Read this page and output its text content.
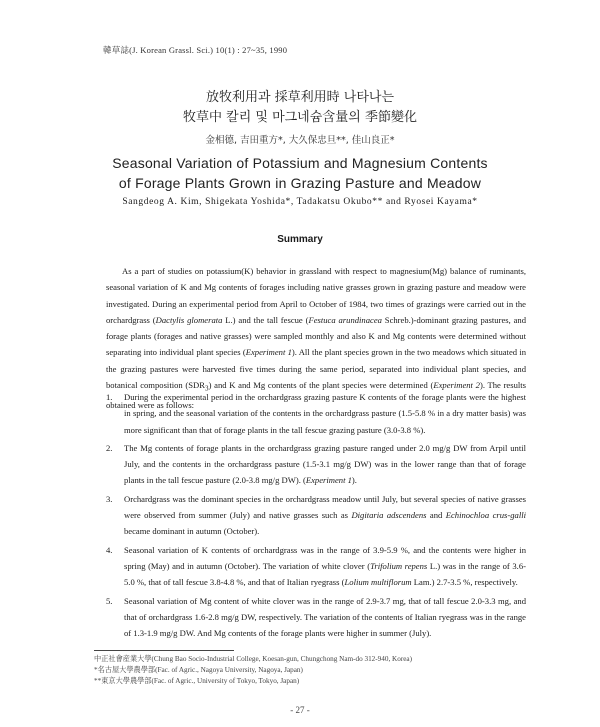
韓草誌(J. Korean Grassl. Sci.) 10(1) : 27~35, 1990
放牧利用과 採草利用時 나타나는
牧草中 칼리 및 마그네슘含量의 季節變化
金相德, 吉田重方*, 大久保忠旦**, 佳山良正*
Seasonal Variation of Potassium and Magnesium Contents
of Forage Plants Grown in Grazing Pasture and Meadow
Sangdeog A. Kim, Shigekata Yoshida*, Tadakatsu Okubo** and Ryosei Kayama*
Summary
As a part of studies on potassium(K) behavior in grassland with respect to magnesium(Mg) balance of ruminants, seasonal variation of K and Mg contents of forages including native grasses grown in grazing pasture and meadow were investigated. During an experimental period from April to October of 1984, two times of grazings were carried out in the orchardgrass (Dactylis glomerata L.) and the tall fescue (Festuca arundinacea Schreb.)-dominant grazing pastures, and forage plants (forages and native grasses) were sampled monthly and also K and Mg contents were determined without separating into individual plant species (Experiment 1). All the plant species grown in the two meadows which situated in the grazing pastures were harvested five times during the same period, separated into individual plant species, and botanical composition $(SDR_3)$ and K and Mg contents of the plant species were determined (Experiment 2). The results obtained were as follows:
1. During the experimental period in the orchardgrass grazing pasture K contents of the forage plants were the highest in spring, and the seasonal variation of the contents in the orchardgrass pasture (1.5-5.8 % in a dry matter basis) was more significant than that of forage plants in the tall fescue grazing pasture (3.0-3.8 %).
2. The Mg contents of forage plants in the orchardgrass grazing pasture ranged under 2.0 mg/g DW from Arpil until July, and the contents in the orchardgrass pasture (1.5-3.1 mg/g DW) was in the lower range than that of forage plants in the tall fescue pasture (2.0-3.8 mg/g DW). (Experiment 1).
3. Orchardgrass was the dominant species in the orchardgrass meadow until July, but several species of native grasses were observed from summer (July) and native grasses such as Digitaria adscendens and Echinochloa crus-galli became dominant in autumn (October).
4. Seasonal variation of K contents of orchardgrass was in the range of 3.9-5.9 %, and the contents were higher in spring (May) and in autumn (October). The variation of white clover (Trifolium repens L.) was in the range of 3.6-5.0 %, that of tall fescue 3.8-4.8 %, and that of Italian ryegrass (Lolium multiflorum Lam.) 2.7-3.5 %, respectively.
5. Seasonal variation of Mg content of white clover was in the range of 2.9-3.7 mg, that of tall fescue 2.0-3.3 mg, and that of orchardgrass 1.6-2.8 mg/g DW, respectively. The variation of the contents of Italian ryegrass was in the range of 1.3-1.9 mg/g DW. And Mg contents of the forage plants were higher in summer (July).
中正社會産業大學(Chung Bao Socio-Industrial College, Koesan-gun, Chungchong Nam-do 312-940, Korea)
*名古屋大學農學部(Fac. of Agric., Nagoya University, Nagoya, Japan)
**東京大學農學部(Fac. of Agric., University of Tokyo, Tokyo, Japan)
- 27 -
